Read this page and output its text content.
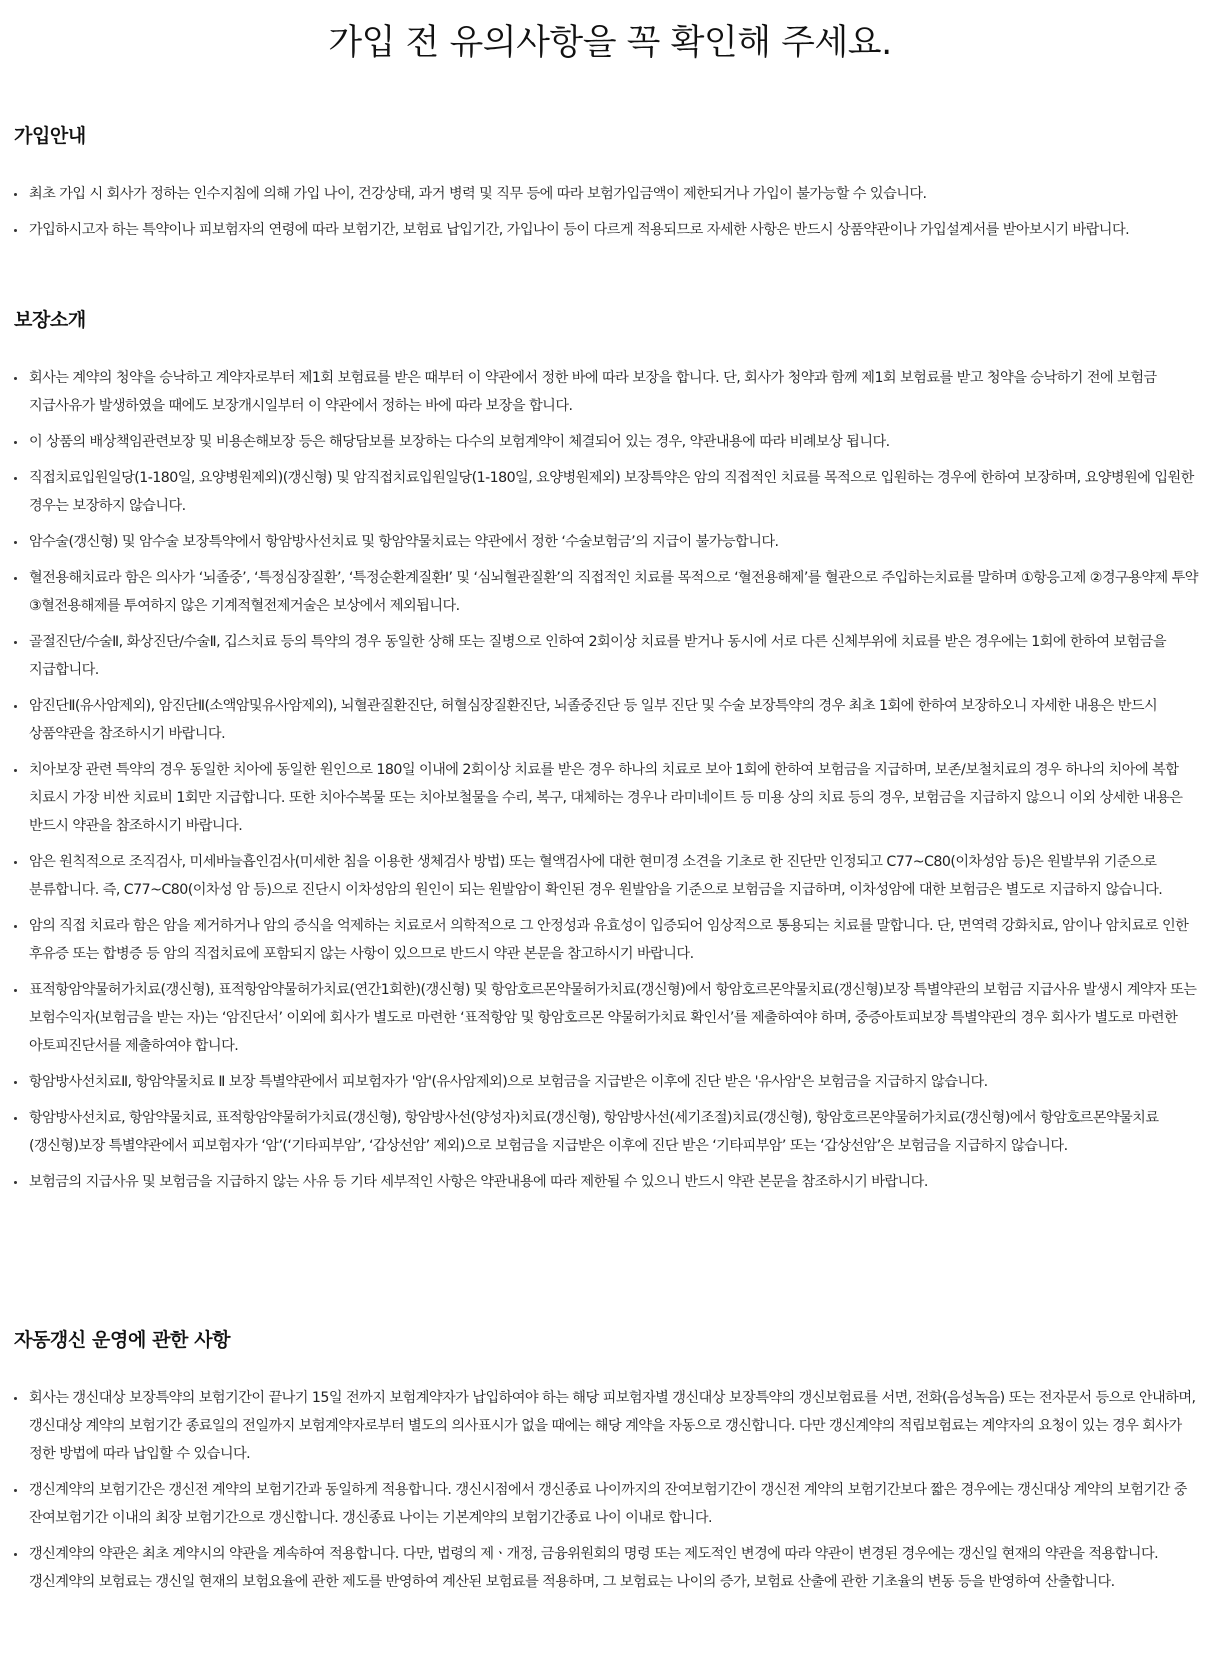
가입 전 유의사항을 꼭 확인해 주세요.
가입안내
최초 가입 시 회사가 정하는 인수지침에 의해 가입 나이, 건강상태, 과거 병력 및 직무 등에 따라 보험가입금액이 제한되거나 가입이 불가능할 수 있습니다.
가입하시고자 하는 특약이나 피보험자의 연령에 따라 보험기간, 보험료 납입기간, 가입나이 등이 다르게 적용되므로 자세한 사항은 반드시 상품약관이나 가입설계서를 받아보시기 바랍니다.
보장소개
회사는 계약의 청약을 승낙하고 계약자로부터 제1회 보험료를 받은 때부터 이 약관에서 정한 바에 따라 보장을 합니다. 단, 회사가 청약과 함께 제1회 보험료를 받고 청약을 승낙하기 전에 보험금 지급사유가 발생하였을 때에도 보장개시일부터 이 약관에서 정하는 바에 따라 보장을 합니다.
이 상품의 배상책임관련보장 및 비용손해보장 등은 해당담보를 보장하는 다수의 보험계약이 체결되어 있는 경우, 약관내용에 따라 비례보상 됩니다.
직접치료입원일당(1-180일, 요양병원제외)(갱신형) 및 암직접치료입원일당(1-180일, 요양병원제외) 보장특약은 암의 직접적인 치료를 목적으로 입원하는 경우에 한하여 보장하며, 요양병원에 입원한 경우는 보장하지 않습니다.
암수술(갱신형) 및 암수술 보장특약에서 항암방사선치료 및 항암약물치료는 약관에서 정한 ‘수술보험금’의 지급이 불가능합니다.
혈전용해치료라 함은 의사가 ‘뇌졸중’, ‘특정심장질환’, ‘특정순환계질환Ⅰ’ 및 ‘심뇌혈관질환’의 직접적인 치료를 목적으로 ‘혈전용해제’를 혈관으로 주입하는치료를 말하며 ①항응고제 ②경구용약제 투약 ③혈전용해제를 투여하지 않은 기계적혈전제거술은 보상에서 제외됩니다.
골절진단/수술Ⅱ, 화상진단/수술Ⅱ, 깁스치료 등의 특약의 경우 동일한 상해 또는 질병으로 인하여 2회이상 치료를 받거나 동시에 서로 다른 신체부위에 치료를 받은 경우에는 1회에 한하여 보험금을 지급합니다.
암진단Ⅱ(유사암제외), 암진단Ⅱ(소액암및유사암제외), 뇌혈관질환진단, 허혈심장질환진단, 뇌졸중진단 등 일부 진단 및 수술 보장특약의 경우 최초 1회에 한하여 보장하오니 자세한 내용은 반드시 상품약관을 참조하시기 바랍니다.
치아보장 관련 특약의 경우 동일한 치아에 동일한 원인으로 180일 이내에 2회이상 치료를 받은 경우 하나의 치료로 보아 1회에 한하여 보험금을 지급하며, 보존/보철치료의 경우 하나의 치아에 복합 치료시 가장 비싼 치료비 1회만 지급합니다. 또한 치아수복물 또는 치아보철물을 수리, 복구, 대체하는 경우나 라미네이트 등 미용 상의 치료 등의 경우, 보험금을 지급하지 않으니 이외 상세한 내용은 반드시 약관을 참조하시기 바랍니다.
암은 원칙적으로 조직검사, 미세바늘흡인검사(미세한 침을 이용한 생체검사 방법) 또는 혈액검사에 대한 현미경 소견을 기초로 한 진단만 인정되고 C77~C80(이차성암 등)은 원발부위 기준으로 분류합니다. 즉, C77~C80(이차성 암 등)으로 진단시 이차성암의 원인이 되는 원발암이 확인된 경우 원발암을 기준으로 보험금을 지급하며, 이차성암에 대한 보험금은 별도로 지급하지 않습니다.
암의 직접 치료라 함은 암을 제거하거나 암의 증식을 억제하는 치료로서 의학적으로 그 안정성과 유효성이 입증되어 임상적으로 통용되는 치료를 말합니다. 단, 면역력 강화치료, 암이나 암치료로 인한 후유증 또는 합병증 등 암의 직접치료에 포함되지 않는 사항이 있으므로 반드시 약관 본문을 참고하시기 바랍니다.
표적항암약물허가치료(갱신형), 표적항암약물허가치료(연간1회한)(갱신형) 및 항암호르몬약물허가치료(갱신형)에서 항암호르몬약물치료(갱신형)보장 특별약관의 보험금 지급사유 발생시 계약자 또는 보험수익자(보험금을 받는 자)는 ‘암진단서’ 이외에 회사가 별도로 마련한 ‘표적항암 및 항암호르몬 약물허가치료 확인서’를 제출하여야 하며, 중증아토피보장 특별약관의 경우 회사가 별도로 마련한 아토피진단서를 제출하여야 합니다.
항암방사선치료Ⅱ, 항암약물치료 Ⅱ 보장 특별약관에서 피보험자가 '암'(유사암제외)으로 보험금을 지급받은 이후에 진단 받은 '유사암'은 보험금을 지급하지 않습니다.
항암방사선치료, 항암약물치료, 표적항암약물허가치료(갱신형), 항암방사선(양성자)치료(갱신형), 항암방사선(세기조절)치료(갱신형), 항암호르몬약물허가치료(갱신형)에서 항암호르몬약물치료(갱신형)보장 특별약관에서 피보험자가 ‘암’(‘기타피부암’, ‘갑상선암’ 제외)으로 보험금을 지급받은 이후에 진단 받은 ‘기타피부암’ 또는 ‘갑상선암’은 보험금을 지급하지 않습니다.
보험금의 지급사유 및 보험금을 지급하지 않는 사유 등 기타 세부적인 사항은 약관내용에 따라 제한될 수 있으니 반드시 약관 본문을 참조하시기 바랍니다.
자동갱신 운영에 관한 사항
회사는 갱신대상 보장특약의 보험기간이 끝나기 15일 전까지 보험계약자가 납입하여야 하는 해당 피보험자별 갱신대상 보장특약의 갱신보험료를 서면, 전화(음성녹음) 또는 전자문서 등으로 안내하며, 갱신대상 계약의 보험기간 종료일의 전일까지 보험계약자로부터 별도의 의사표시가 없을 때에는 해당 계약을 자동으로 갱신합니다. 다만 갱신계약의 적립보험료는 계약자의 요청이 있는 경우 회사가 정한 방법에 따라 납입할 수 있습니다.
갱신계약의 보험기간은 갱신전 계약의 보험기간과 동일하게 적용합니다. 갱신시점에서 갱신종료 나이까지의 잔여보험기간이 갱신전 계약의 보험기간보다 짧은 경우에는 갱신대상 계약의 보험기간 중 잔여보험기간 이내의 최장 보험기간으로 갱신합니다. 갱신종료 나이는 기본계약의 보험기간종료 나이 이내로 합니다.
갱신계약의 약관은 최초 계약시의 약관을 계속하여 적용합니다. 다만, 법령의 제ㆍ개정, 금융위원회의 명령 또는 제도적인 변경에 따라 약관이 변경된 경우에는 갱신일 현재의 약관을 적용합니다. 갱신계약의 보험료는 갱신일 현재의 보험요율에 관한 제도를 반영하여 계산된 보험료를 적용하며, 그 보험료는 나이의 증가, 보험료 산출에 관한 기초율의 변동 등을 반영하여 산출합니다.
